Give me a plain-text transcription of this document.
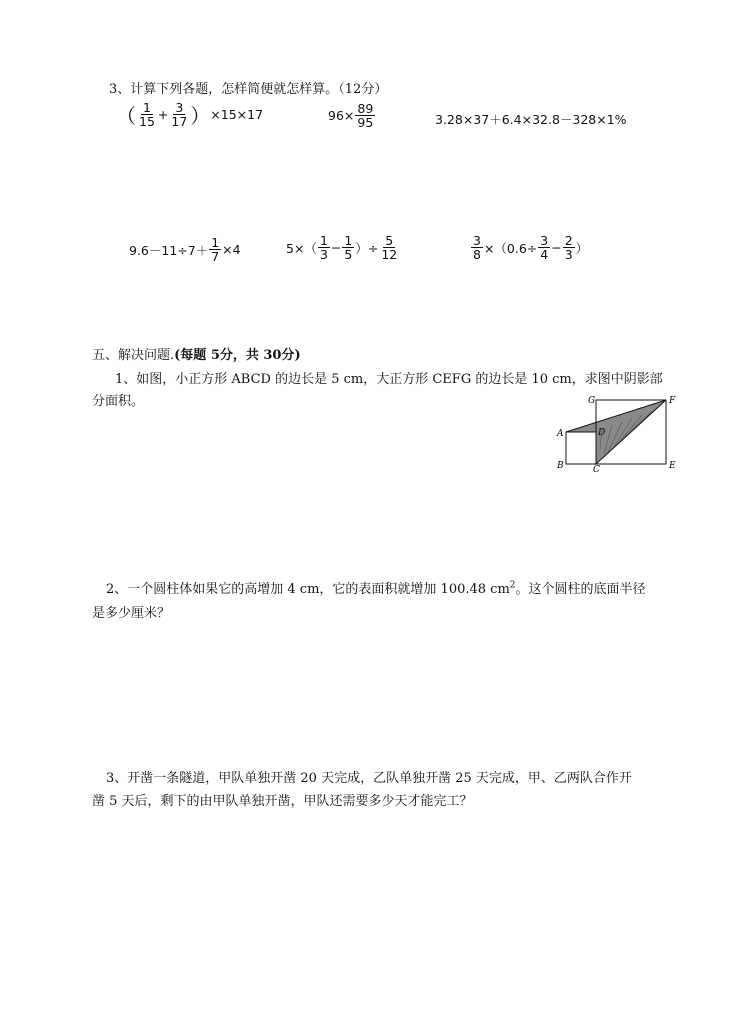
3、计算下列各题，怎样简便就怎样算。（12分）
（ $\frac{1}{15} + \frac{3}{17}$ ） ×15×17	$96\times \frac{89}{95}$	3.28×37＋6.4×32.8－328×1%
$9.6-11\div 7+ \frac{1}{7} \times 4$	$5\times( \frac{1}{3} - \frac{1}{5}$ ）÷ $\frac{5}{12}$	$\frac{3}{8} \times(0.6\div \frac{3}{4} - \frac{2}{3}$ ）
五、解决问题.(每题 5分，共 30分)
1、如图，小正方形 ABCD 的边长是 5 cm，大正方形 CEFG 的边长是 10 cm，求图中阴影部
分面积。
A
B	C
D
E
F
G
2、一个圆柱体如果它的高增加 4 cm，它的表面积就增加 100.48 $cm^2$。这个圆柱的底面半径
是多少厘米？
3、开凿一条隧道，甲队单独开凿 20 天完成，乙队单独开凿 25 天完成，甲、乙两队合作开
凿 5 天后，剩下的由甲队单独开凿，甲队还需要多少天才能完工？
